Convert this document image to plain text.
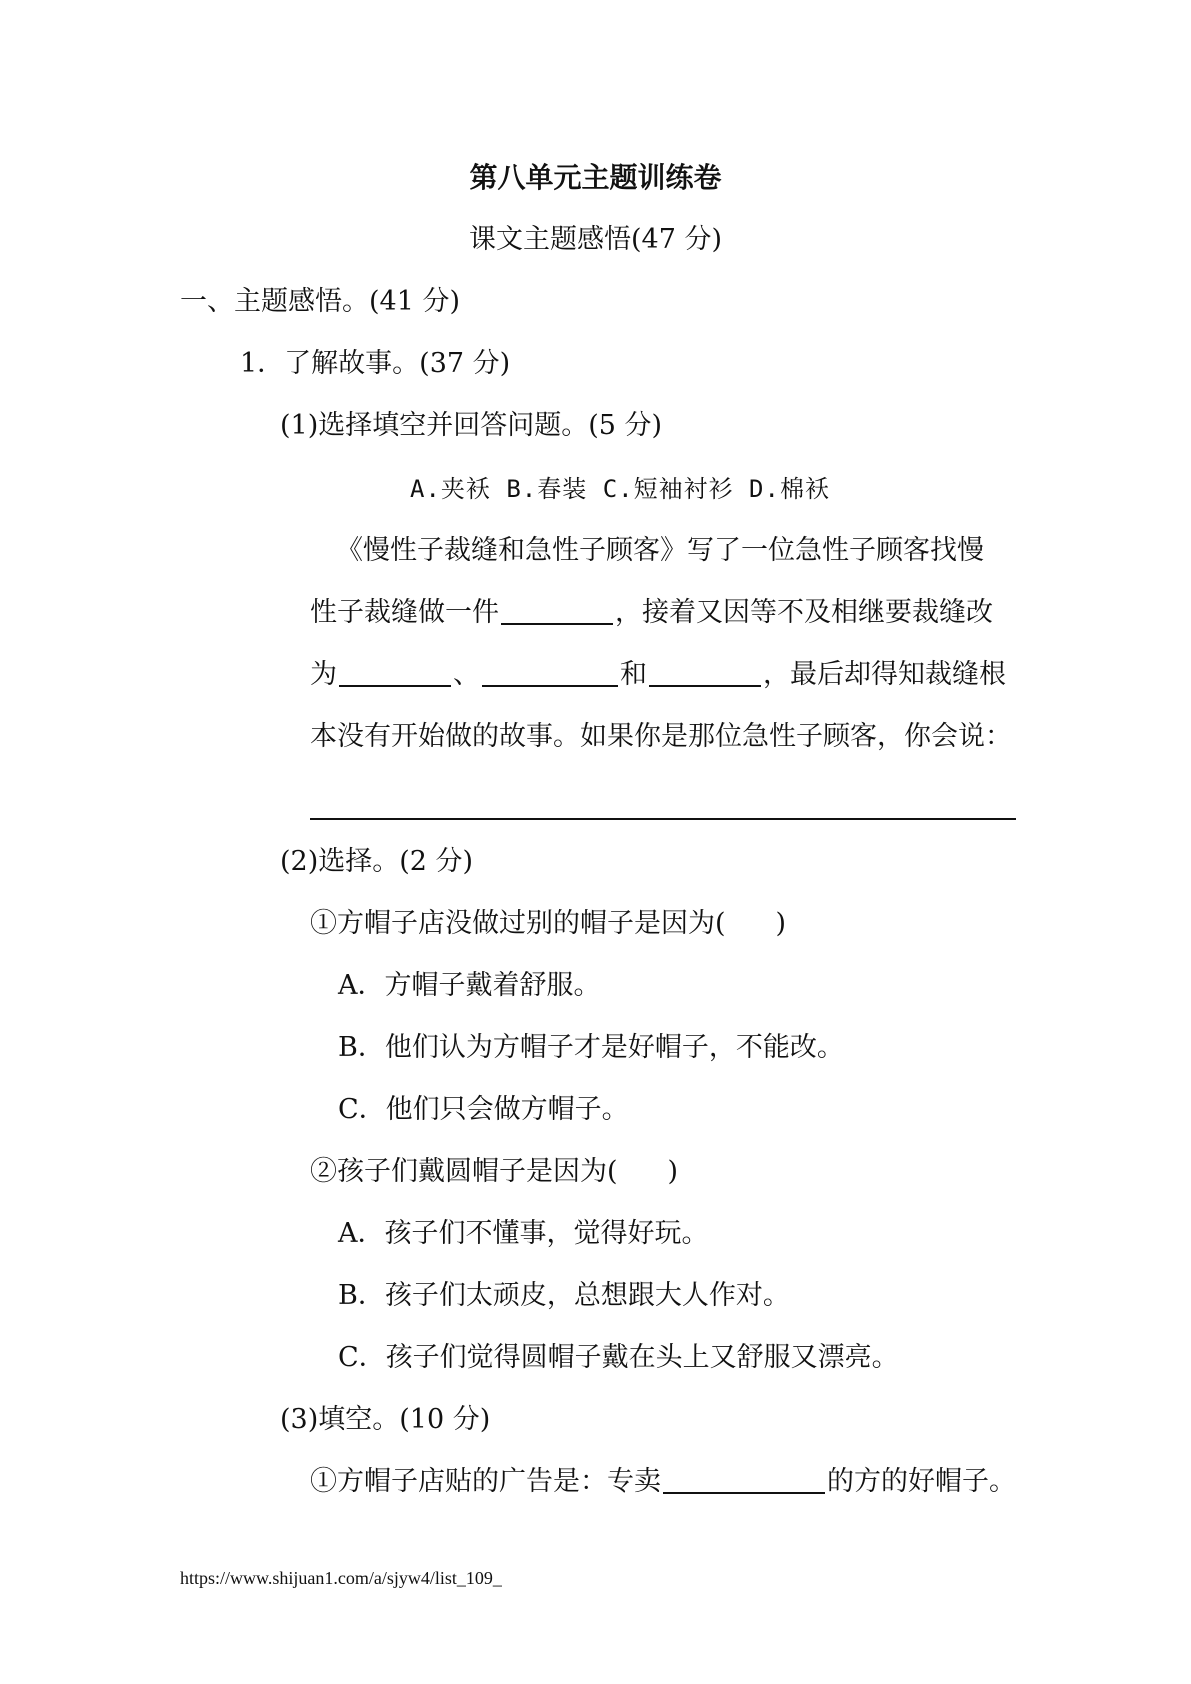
第八单元主题训练卷
课文主题感悟(47 分)
一、主题感悟。(41 分)
1．了解故事。(37 分)
(1)选择填空并回答问题。(5 分)
A.夹袄 B.春装 C.短袖衬衫 D.棉袄
《慢性子裁缝和急性子顾客》写了一位急性子顾客找慢
性子裁缝做一件	，接着又因等不及相继要裁缝改
为	、	和	，最后却得知裁缝根
本没有开始做的故事。如果你是那位急性子顾客，你会说：
(2)选择。(2 分)
①方帽子店没做过别的帽子是因为( )
A．方帽子戴着舒服。
B．他们认为方帽子才是好帽子，不能改。
C．他们只会做方帽子。
②孩子们戴圆帽子是因为( )
A．孩子们不懂事，觉得好玩。
B．孩子们太顽皮，总想跟大人作对。
C．孩子们觉得圆帽子戴在头上又舒服又漂亮。
(3)填空。(10 分)
①方帽子店贴的广告是：专卖	的方的好帽子。
https://www.shijuan1.com/a/sjyw4/list_109_
